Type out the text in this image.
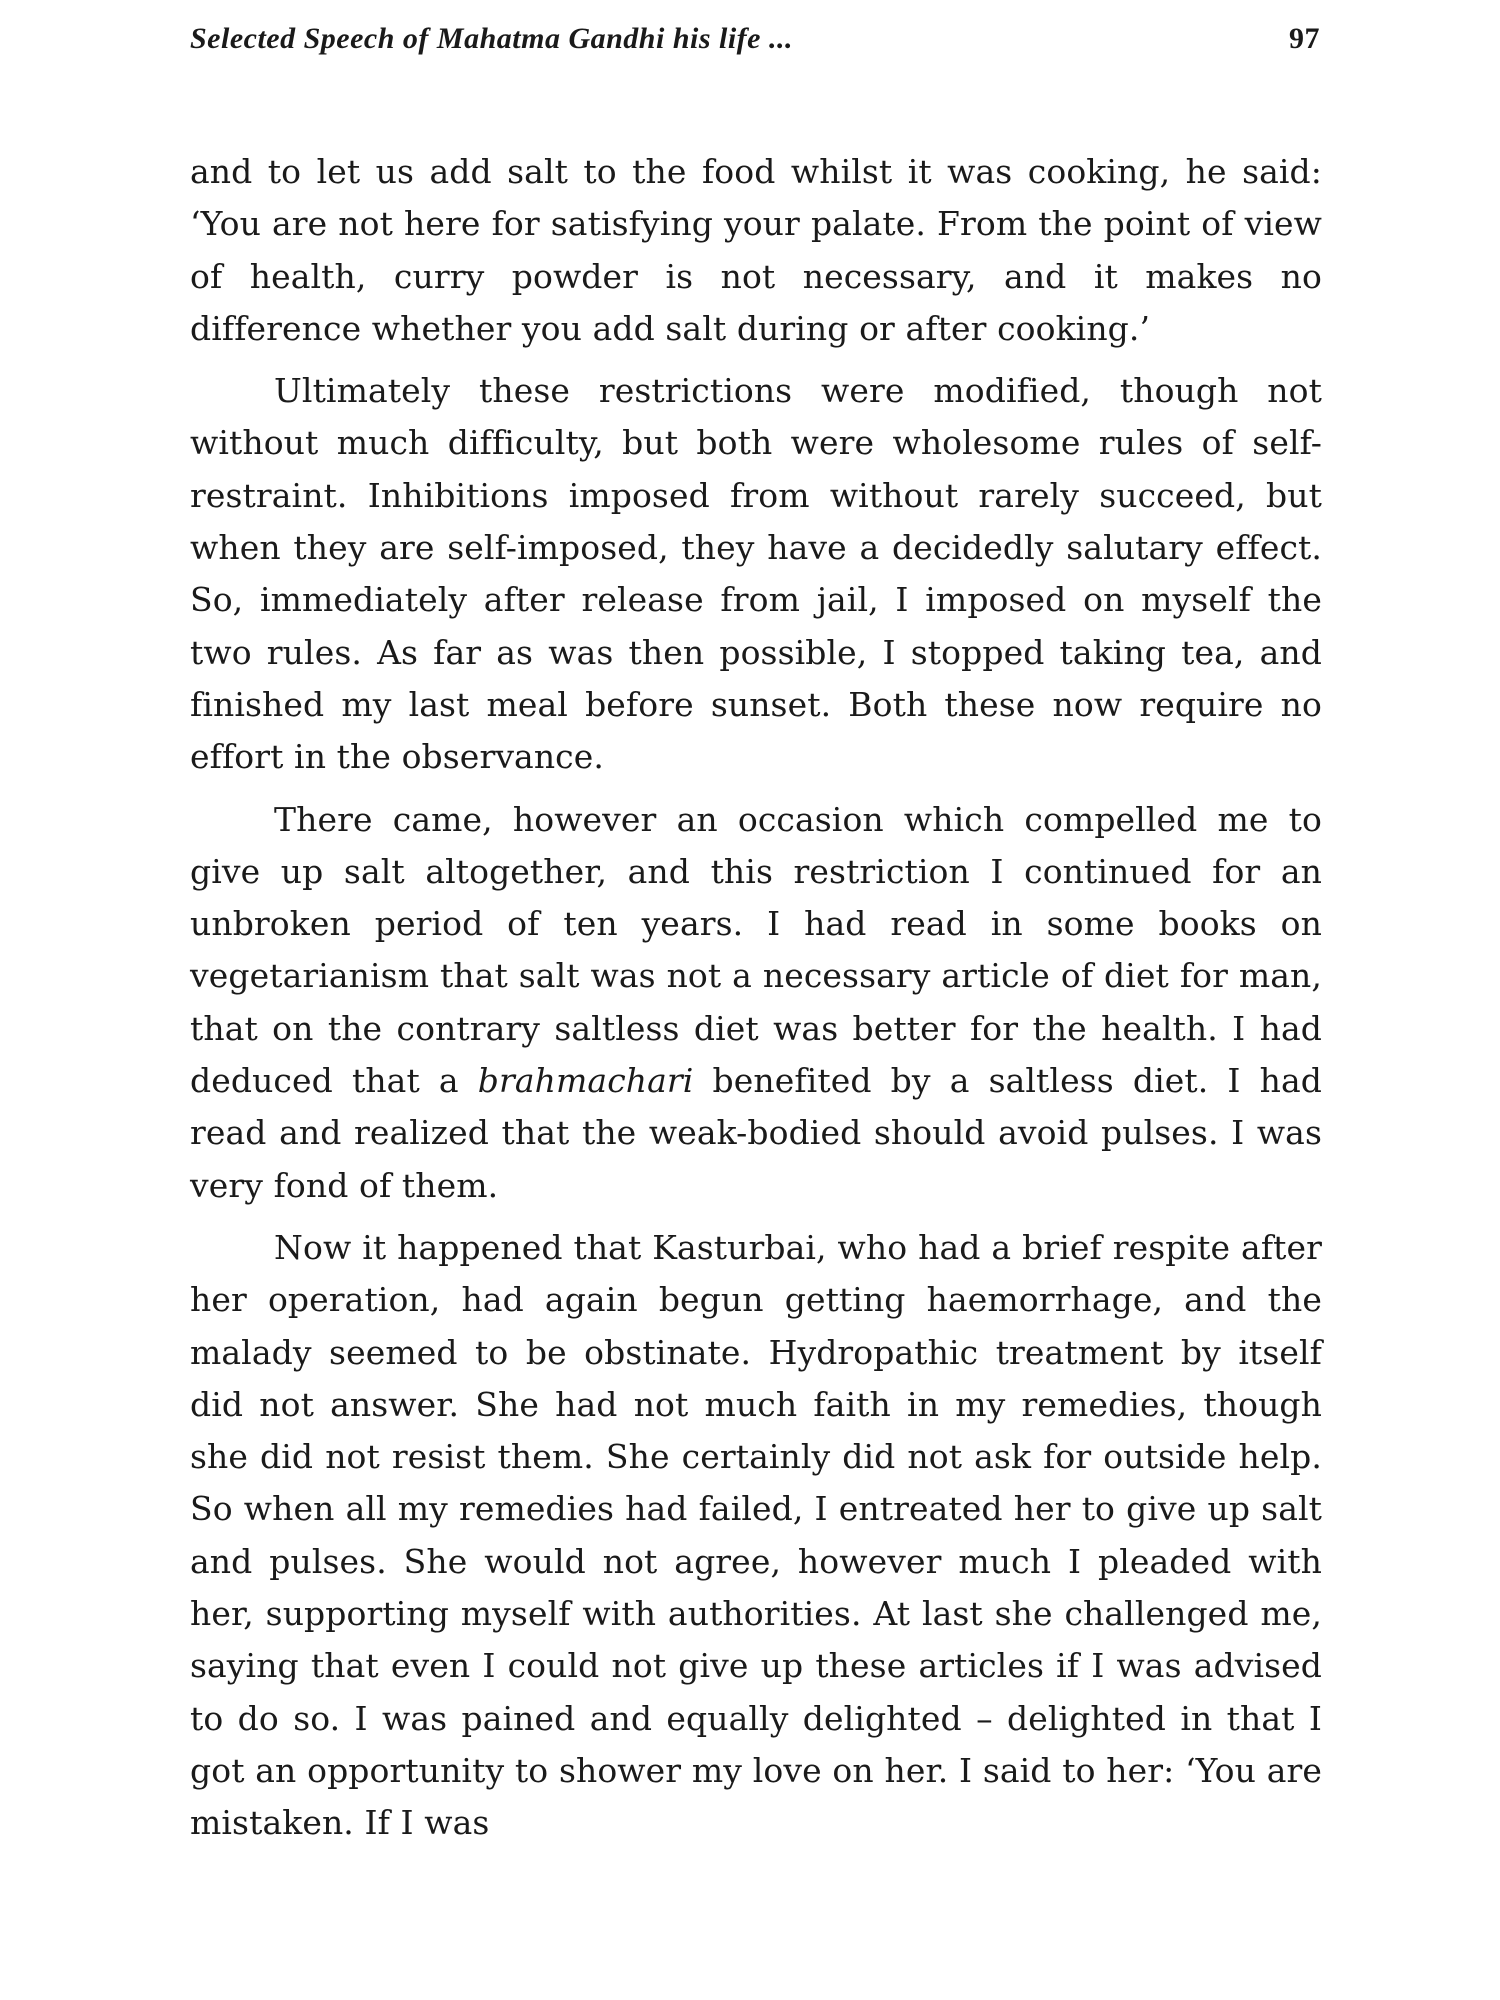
Selected Speech of Mahatma Gandhi his life ...	97

and to let us add salt to the food whilst it was cooking, he said: ‘You are not here for satisfying your palate. From the point of view of health, curry powder is not necessary, and it makes no difference whether you add salt during or after cooking.’

Ultimately these restrictions were modified, though not without much difficulty, but both were wholesome rules of self-restraint. Inhibitions imposed from without rarely succeed, but when they are self-imposed, they have a decidedly salutary effect. So, immediately after release from jail, I imposed on myself the two rules. As far as was then possible, I stopped taking tea, and finished my last meal before sunset. Both these now require no effort in the observance.

There came, however an occasion which compelled me to give up salt altogether, and this restriction I continued for an unbroken period of ten years. I had read in some books on vegetarianism that salt was not a necessary article of diet for man, that on the contrary saltless diet was better for the health. I had deduced that a brahmachari benefited by a saltless diet. I had read and realized that the weak-bodied should avoid pulses. I was very fond of them.

Now it happened that Kasturbai, who had a brief respite after her operation, had again begun getting haemorrhage, and the malady seemed to be obstinate. Hydropathic treatment by itself did not answer. She had not much faith in my remedies, though she did not resist them. She certainly did not ask for outside help. So when all my remedies had failed, I entreated her to give up salt and pulses. She would not agree, however much I pleaded with her, supporting myself with authorities. At last she challenged me, saying that even I could not give up these articles if I was advised to do so. I was pained and equally delighted – delighted in that I got an opportunity to shower my love on her. I said to her: ‘You are mistaken. If I was
